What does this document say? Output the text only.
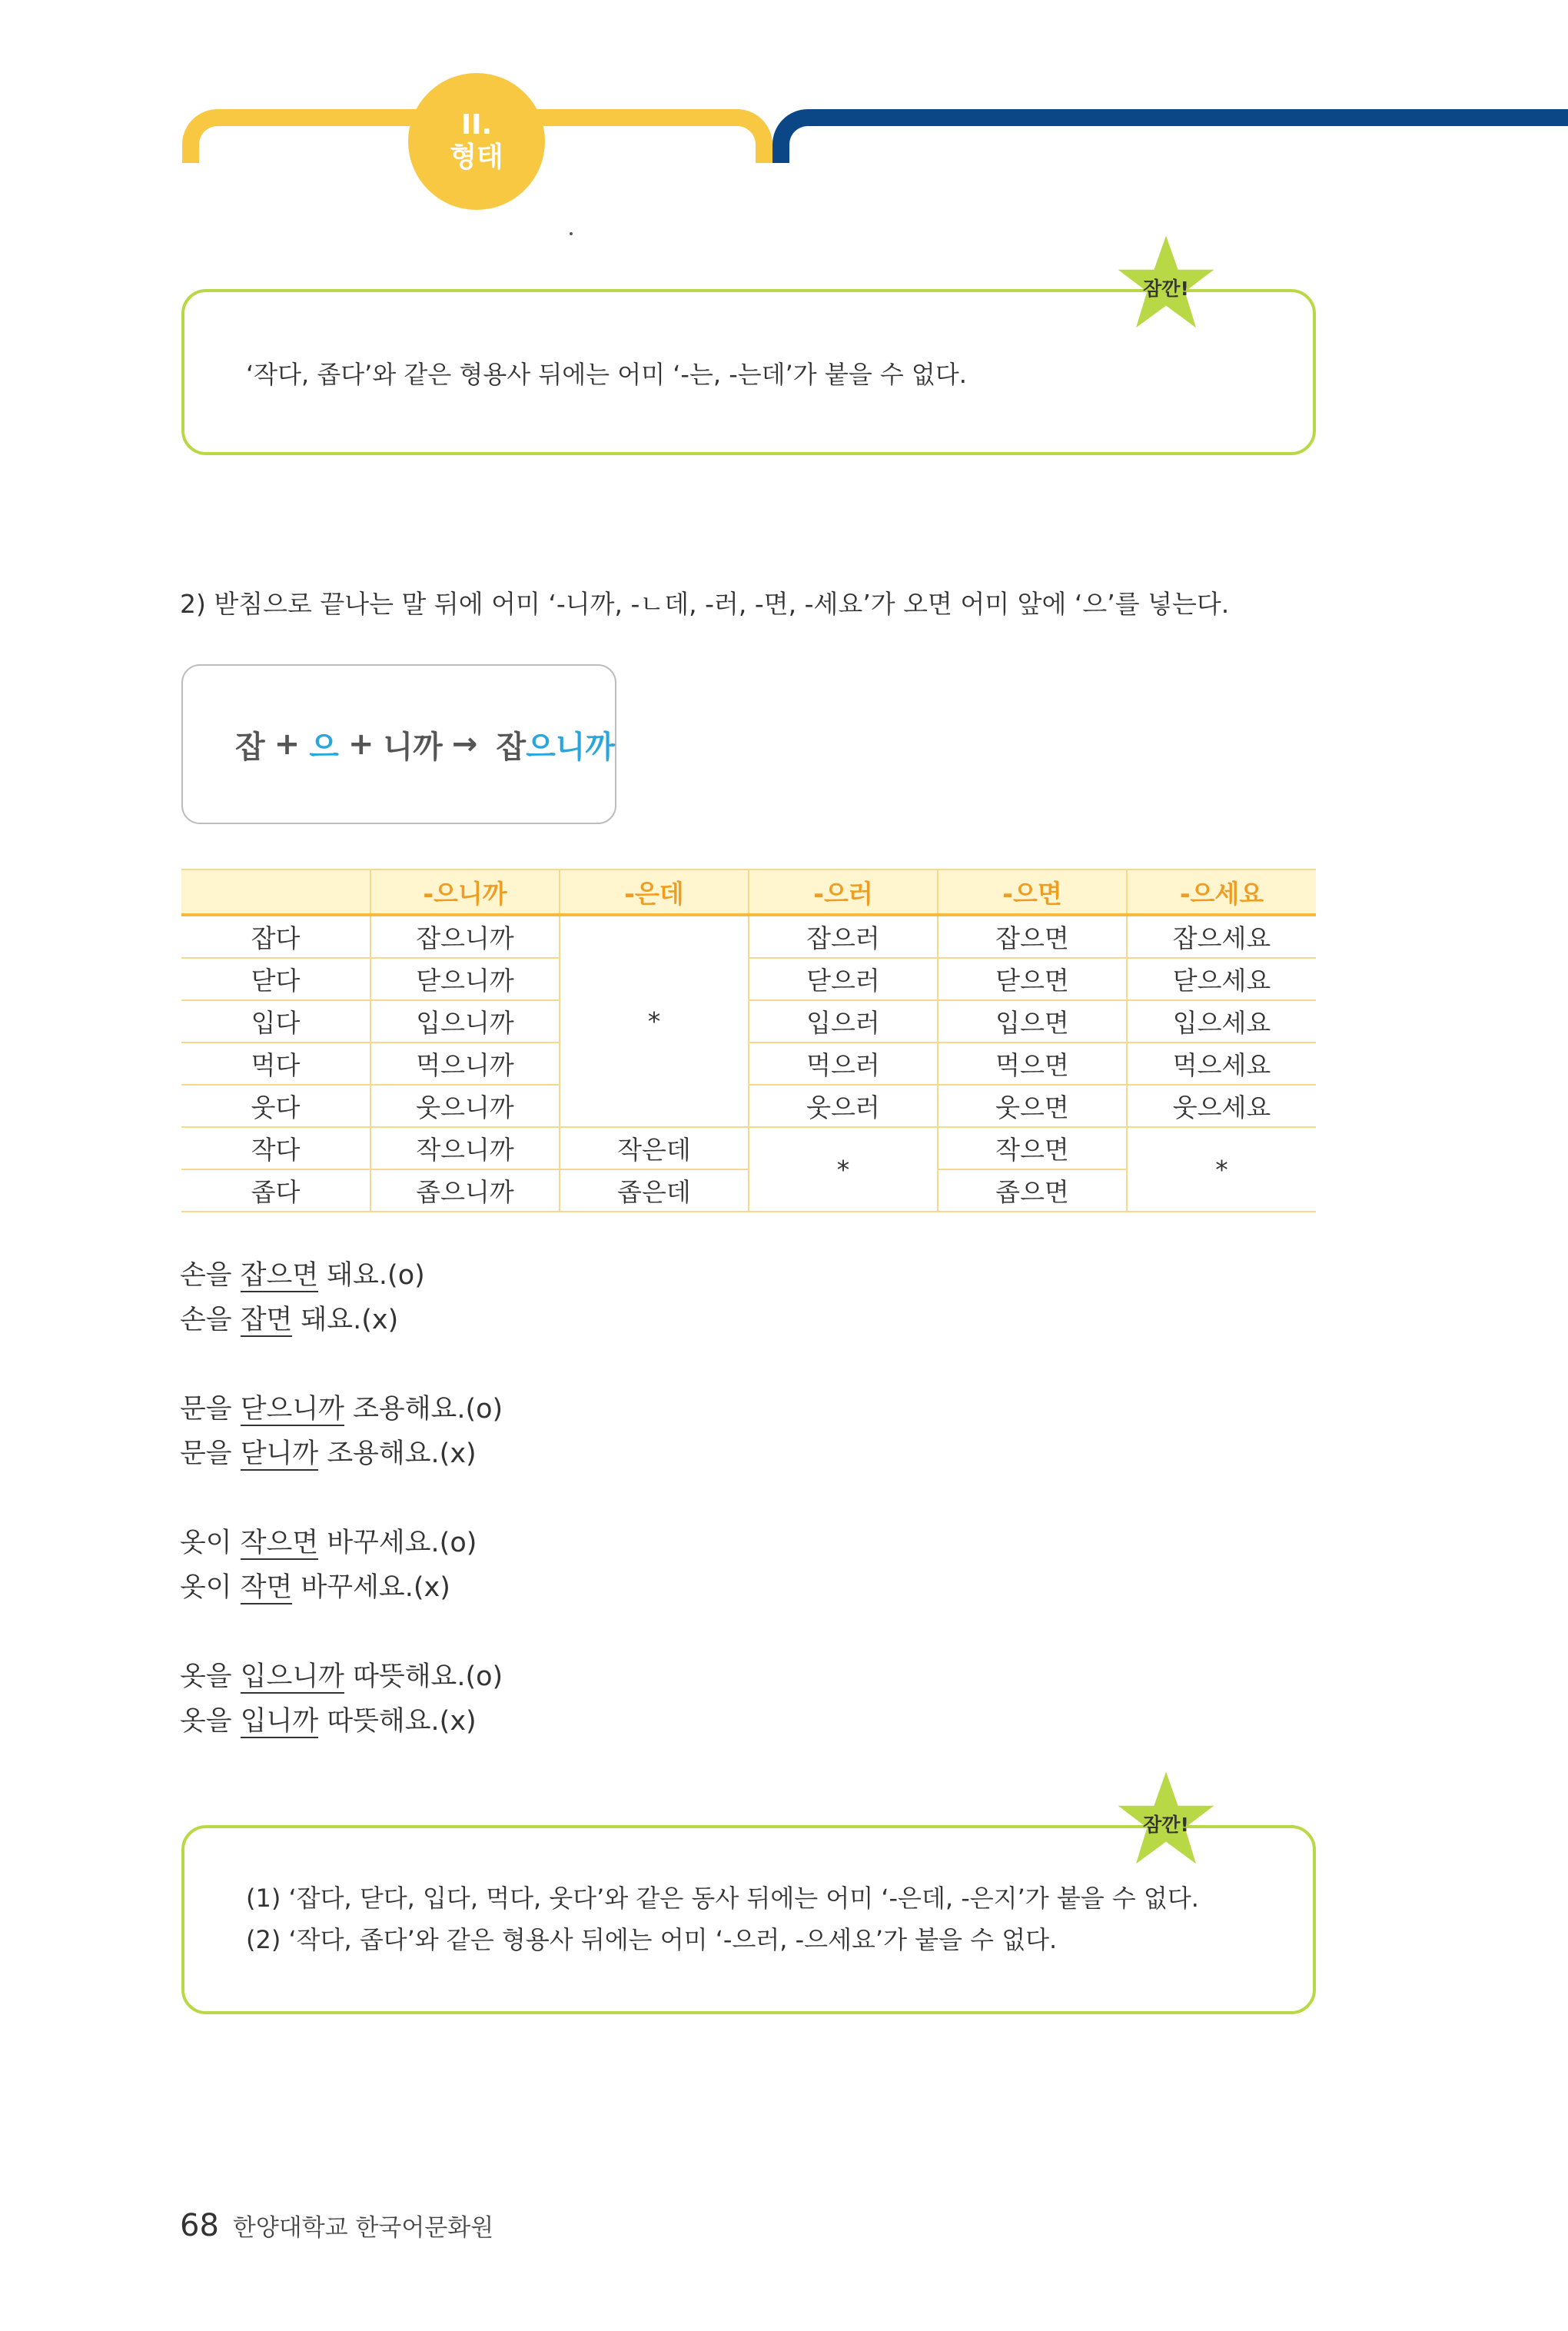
II.
형태
‘작다, 좁다’와 같은 형용사 뒤에는 어미 ‘-는, -는데’가 붙을 수 없다.
잠깐!
2) 받침으로 끝나는 말 뒤에 어미 ‘-니까, -ㄴ데, -러, -면, -세요’가 오면 어미 앞에 ‘으’를 넣는다.
잡 + 으 + 니까 → 잡 으니까
	-으니까	-은데	-으러	-으면	-으세요
잡다	잡으니까	*	잡으러	잡으면	잡으세요
닫다	닫으니까		닫으러	닫으면	닫으세요
입다	입으니까		입으러	입으면	입으세요
먹다	먹으니까		먹으러	먹으면	먹으세요
웃다	웃으니까		웃으러	웃으면	웃으세요
작다	작으니까	작은데	*	작으면	*
좁다	좁으니까	좁은데		좁으면	
손을 잡으면 돼요.(o)
손을 잡면 돼요.(x)
문을 닫으니까 조용해요.(o)
문을 닫니까 조용해요.(x)
옷이 작으면 바꾸세요.(o)
옷이 작면 바꾸세요.(x)
옷을 입으니까 따뜻해요.(o)
옷을 입니까 따뜻해요.(x)
(1) ‘잡다, 닫다, 입다, 먹다, 웃다’와 같은 동사 뒤에는 어미 ‘-은데, -은지’가 붙을 수 없다.
(2) ‘작다, 좁다’와 같은 형용사 뒤에는 어미 ‘-으러, -으세요’가 붙을 수 없다.
잠깐!
68 한양대학교 한국어문화원
